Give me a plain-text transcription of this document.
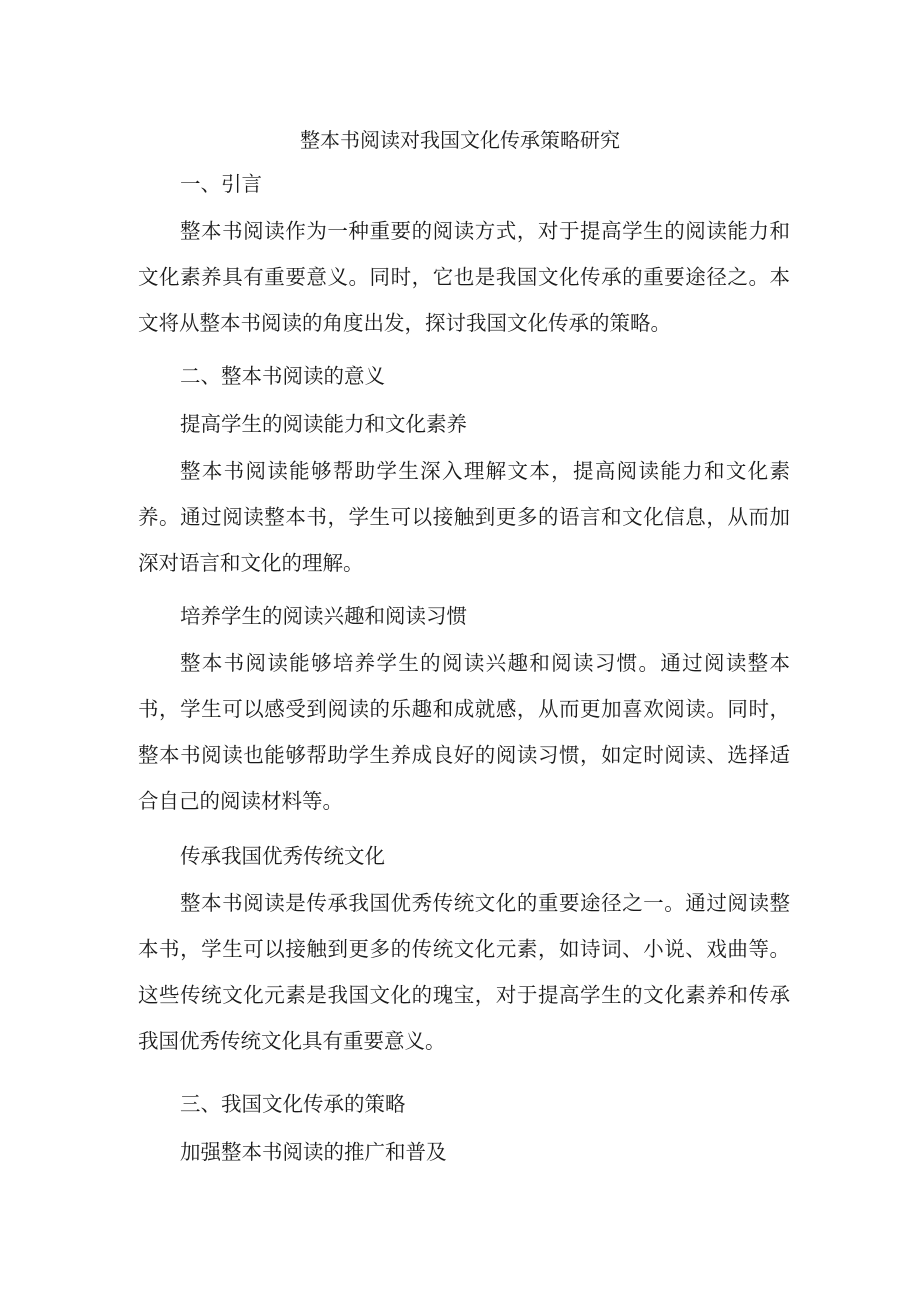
整本书阅读对我国文化传承策略研究

一、引言

整本书阅读作为一种重要的阅读方式，对于提高学生的阅读能力和文化素养具有重要意义。同时，它也是我国文化传承的重要途径之。本文将从整本书阅读的角度出发，探讨我国文化传承的策略。

二、整本书阅读的意义

提高学生的阅读能力和文化素养

整本书阅读能够帮助学生深入理解文本，提高阅读能力和文化素养。通过阅读整本书，学生可以接触到更多的语言和文化信息，从而加深对语言和文化的理解。

培养学生的阅读兴趣和阅读习惯

整本书阅读能够培养学生的阅读兴趣和阅读习惯。通过阅读整本书，学生可以感受到阅读的乐趣和成就感，从而更加喜欢阅读。同时，整本书阅读也能够帮助学生养成良好的阅读习惯，如定时阅读、选择适合自己的阅读材料等。

传承我国优秀传统文化

整本书阅读是传承我国优秀传统文化的重要途径之一。通过阅读整本书，学生可以接触到更多的传统文化元素，如诗词、小说、戏曲等。这些传统文化元素是我国文化的瑰宝，对于提高学生的文化素养和传承我国优秀传统文化具有重要意义。

三、我国文化传承的策略

加强整本书阅读的推广和普及
